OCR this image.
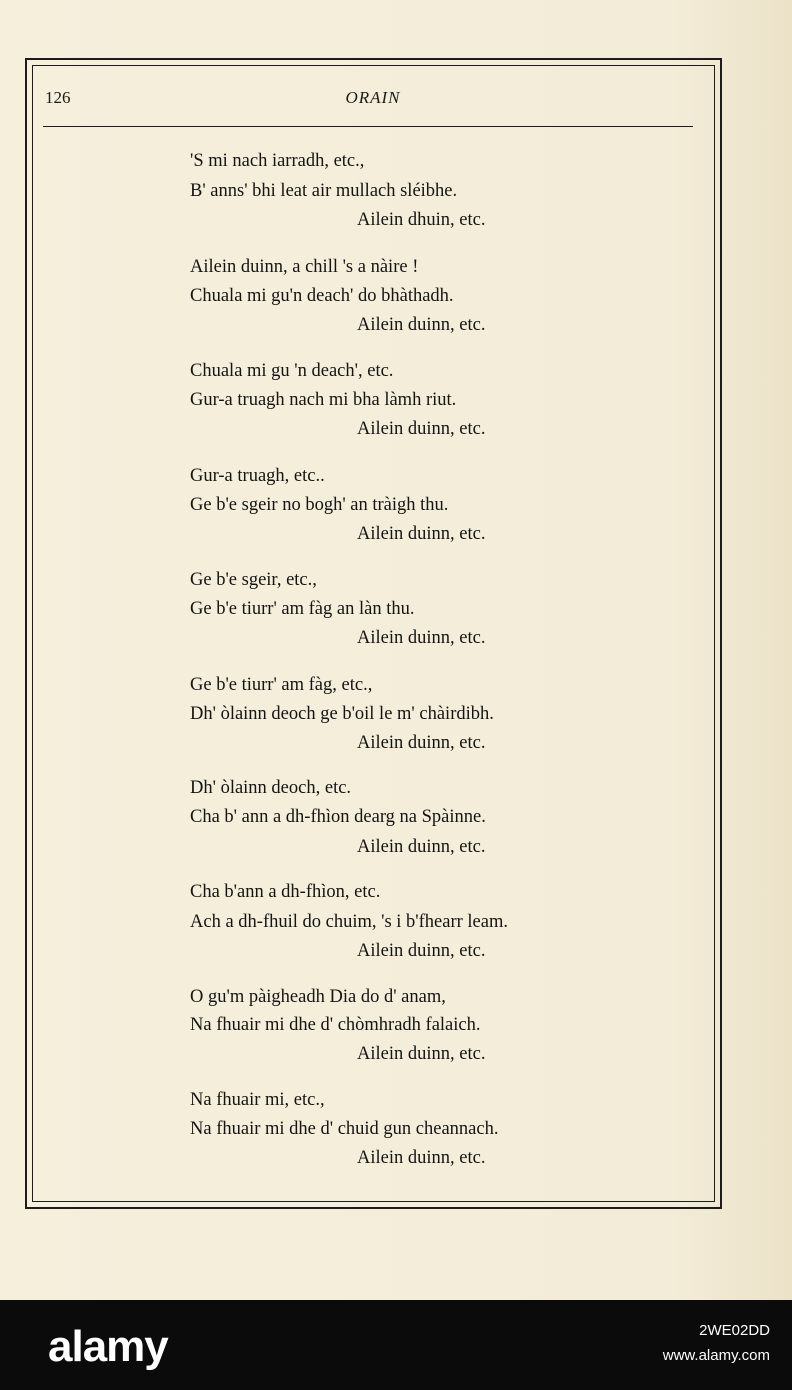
126	ORAIN
'S mi nach iarradh, etc.,
B' anns' bhi leat air mullach sléibhe.
Ailein dhuin, etc.
Ailein duinn, a chill 's a nàire !
Chuala mi gu'n deach' do bhàthadh.
Ailein duinn, etc.
Chuala mi gu 'n deach', etc.
Gur-a truagh nach mi bha làmh riut.
Ailein duinn, etc.
Gur-a truagh, etc..
Ge b'e sgeir no bogh' an tràigh thu.
Ailein duinn, etc.
Ge b'e sgeir, etc.,
Ge b'e tiurr' am fàg an làn thu.
Ailein duinn, etc.
Ge b'e tiurr' am fàg, etc.,
Dh' òlainn deoch ge b'oil le m' chàirdibh.
Ailein duinn, etc.
Dh' òlainn deoch, etc.
Cha b' ann a dh-fhìon dearg na Spàinne.
Ailein duinn, etc.
Cha b'ann a dh-fhìon, etc.
Ach a dh-fhuil do chuim, 's i b'fhearr leam.
Ailein duinn, etc.
O gu'm pàigheadh Dia do d' anam,
Na fhuair mi dhe d' chòmhradh falaich.
Ailein duinn, etc.
Na fhuair mi, etc.,
Na fhuair mi dhe d' chuid gun cheannach.
Ailein duinn, etc.
alamy	2WE02DD
www.alamy.com
